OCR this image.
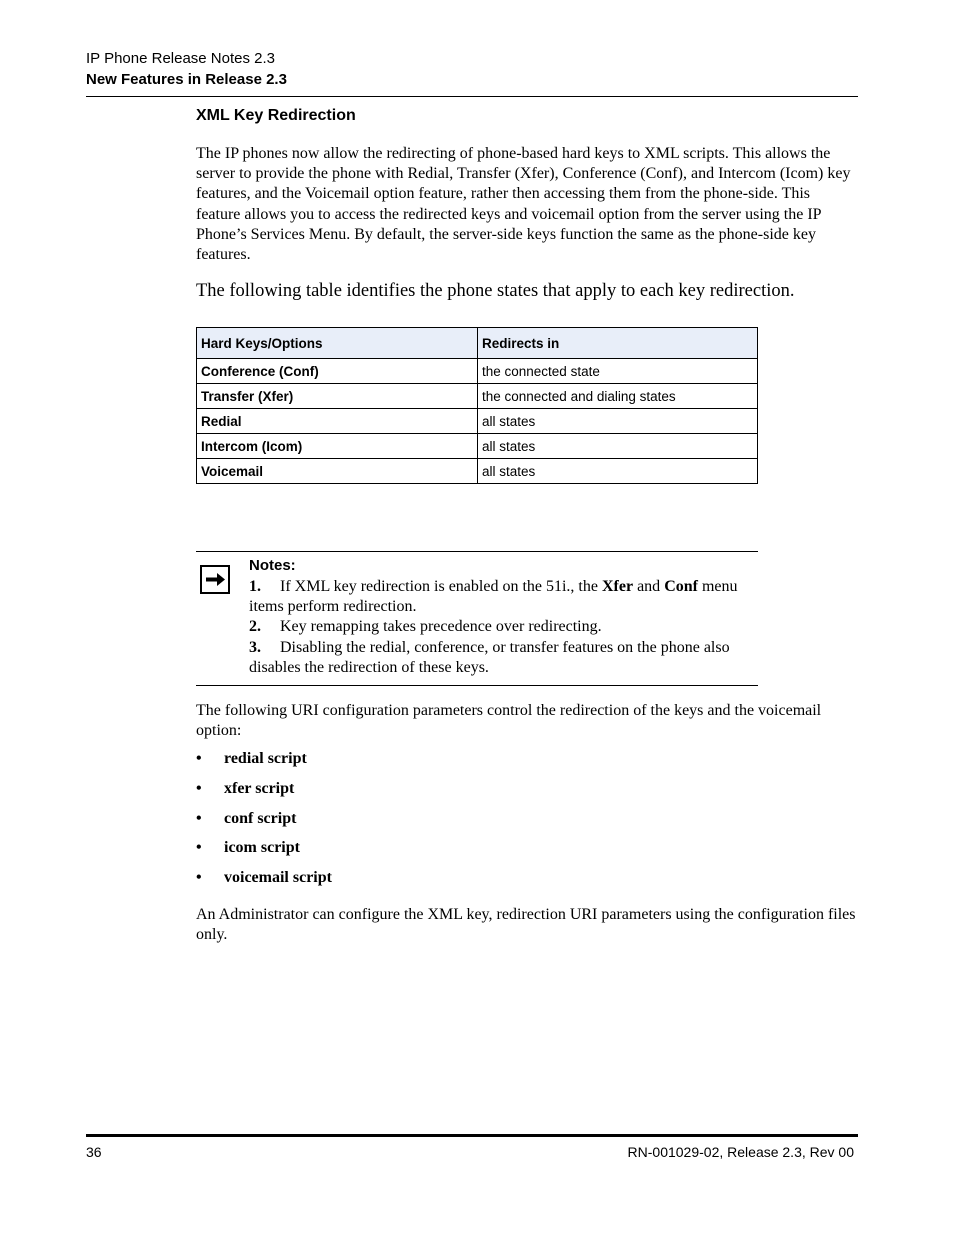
IP Phone Release Notes 2.3
New Features in Release 2.3
XML Key Redirection
The IP phones now allow the redirecting of phone-based hard keys to XML scripts. This allows the server to provide the phone with Redial, Transfer (Xfer), Conference (Conf), and Intercom (Icom) key features, and the Voicemail option feature, rather then accessing them from the phone-side. This feature allows you to access the redirected keys and voicemail option from the server using the IP Phone’s Services Menu. By default, the server-side keys function the same as the phone-side key features.
The following table identifies the phone states that apply to each key redirection.
Hard Keys/Options	Redirects in
Conference (Conf)	the connected state
Transfer (Xfer)	the connected and dialing states
Redial	all states
Intercom (Icom)	all states
Voicemail	all states
Notes:
1. If XML key redirection is enabled on the 51i., the Xfer and Conf menu items perform redirection.
2. Key remapping takes precedence over redirecting.
3. Disabling the redial, conference, or transfer features on the phone also disables the redirection of these keys.
The following URI configuration parameters control the redirection of the keys and the voicemail option:
• redial script
• xfer script
• conf script
• icom script
• voicemail script
An Administrator can configure the XML key, redirection URI parameters using the configuration files only.
36	RN-001029-02, Release 2.3, Rev 00
